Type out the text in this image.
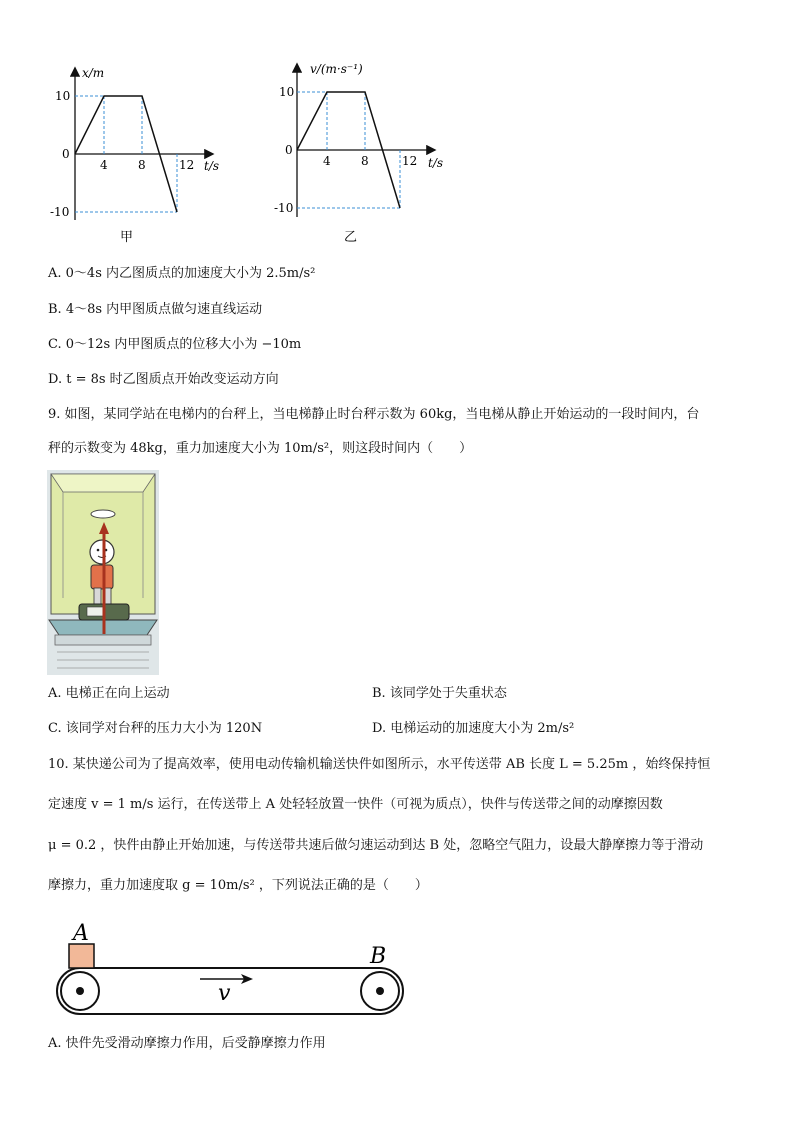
x/m
t/s
0
10
-10
4	8	12
甲
v/(m·s⁻¹)
t/s
0
10
-10
4	8	12
乙
A. 0～4s 内乙图质点的加速度大小为 2.5m/s²
B. 4～8s 内甲图质点做匀速直线运动
C. 0～12s 内甲图质点的位移大小为 −10m
D. t = 8s 时乙图质点开始改变运动方向
9. 如图，某同学站在电梯内的台秤上，当电梯静止时台秤示数为 60kg，当电梯从静止开始运动的一段时间内，台
秤的示数变为 48kg，重力加速度大小为 10m/s²，则这段时间内（　　）
A. 电梯正在向上运动	B. 该同学处于失重状态
C. 该同学对台秤的压力大小为 120N	D. 电梯运动的加速度大小为 2m/s²
10. 某快递公司为了提高效率，使用电动传输机输送快件如图所示，水平传送带 AB 长度 L = 5.25m ，始终保持恒
定速度 v = 1 m/s 运行，在传送带上 A 处轻轻放置一快件（可视为质点），快件与传送带之间的动摩擦因数
μ = 0.2 ，快件由静止开始加速，与传送带共速后做匀速运动到达 B 处，忽略空气阻力，设最大静摩擦力等于滑动
摩擦力，重力加速度取 g = 10m/s² ，下列说法正确的是（　　）
A
B
v
A. 快件先受滑动摩擦力作用，后受静摩擦力作用
